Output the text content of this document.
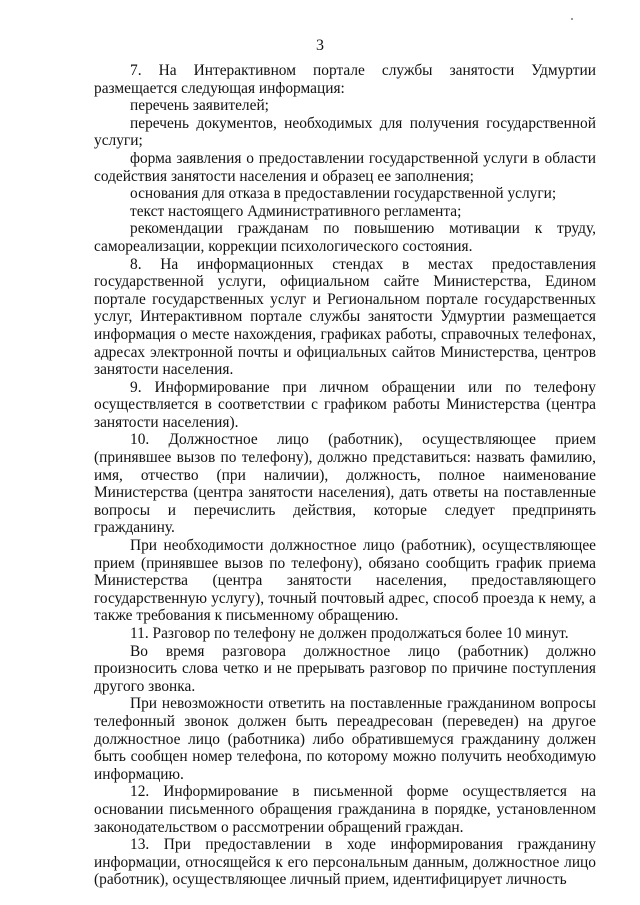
3

7. На Интерактивном портале службы занятости Удмуртии размещается следующая информация:

перечень заявителей;

перечень документов, необходимых для получения государственной услуги;

форма заявления о предоставлении государственной услуги в области содействия занятости населения и образец ее заполнения;

основания для отказа в предоставлении государственной услуги;

текст настоящего Административного регламента;

рекомендации гражданам по повышению мотивации к труду, самореализации, коррекции психологического состояния.

8. На информационных стендах в местах предоставления государственной услуги, официальном сайте Министерства, Едином портале государственных услуг и Региональном портале государственных услуг, Интерактивном портале службы занятости Удмуртии размещается информация о месте нахождения, графиках работы, справочных телефонах, адресах электронной почты и официальных сайтов Министерства, центров занятости населения.

9. Информирование при личном обращении или по телефону осуществляется в соответствии с графиком работы Министерства (центра занятости населения).

10. Должностное лицо (работник), осуществляющее прием (принявшее вызов по телефону), должно представиться: назвать фамилию, имя, отчество (при наличии), должность, полное наименование Министерства (центра занятости населения), дать ответы на поставленные вопросы и перечислить действия, которые следует предпринять гражданину.

При необходимости должностное лицо (работник), осуществляющее прием (принявшее вызов по телефону), обязано сообщить график приема Министерства (центра занятости населения, предоставляющего государственную услугу), точный почтовый адрес, способ проезда к нему, а также требования к письменному обращению.

11. Разговор по телефону не должен продолжаться более 10 минут.

Во время разговора должностное лицо (работник) должно произносить слова четко и не прерывать разговор по причине поступления другого звонка.

При невозможности ответить на поставленные гражданином вопросы телефонный звонок должен быть переадресован (переведен) на другое должностное лицо (работника) либо обратившемуся гражданину должен быть сообщен номер телефона, по которому можно получить необходимую информацию.

12. Информирование в письменной форме осуществляется на основании письменного обращения гражданина в порядке, установленном законодательством о рассмотрении обращений граждан.

13. При предоставлении в ходе информирования гражданину информации, относящейся к его персональным данным, должностное лицо (работник), осуществляющее личный прием, идентифицирует личность
